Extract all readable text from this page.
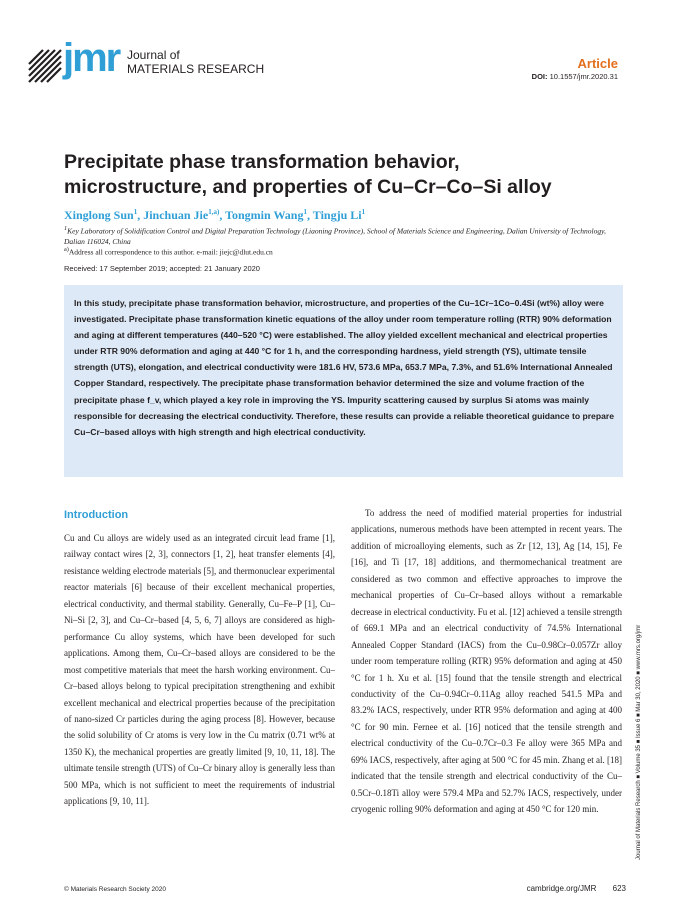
jmr Journal of
MATERIALS RESEARCH	Article
DOI: 10.1557/jmr.2020.31
Precipitate phase transformation behavior,
microstructure, and properties of Cu–Cr–Co–Si alloy
Xinglong Sun$^1$, Jinchuan Jie$^{1,a)}$, Tongmin Wang$^1$, Tingju Li$^1$
$^1$Key Laboratory of Solidification Control and Digital Preparation Technology (Liaoning Province), School of Materials Science and Engineering, Dalian University of Technology, Dalian 116024, China
$^{a)}$Address all correspondence to this author. e-mail: jiejc@dlut.edu.cn
Received: 17 September 2019; accepted: 21 January 2020

In this study, precipitate phase transformation behavior, microstructure, and properties of the Cu–1Cr–1Co–0.4Si (wt%) alloy were investigated. Precipitate phase transformation kinetic equations of the alloy under room temperature rolling (RTR) 90% deformation and aging at different temperatures (440–520 °C) were established. The alloy yielded excellent mechanical and electrical properties under RTR 90% deformation and aging at 440 °C for 1 h, and the corresponding hardness, yield strength (YS), ultimate tensile strength (UTS), elongation, and electrical conductivity were 181.6 HV, 573.6 MPa, 653.7 MPa, 7.3%, and 51.6% International Annealed Copper Standard, respectively. The precipitate phase transformation behavior determined the size and volume fraction of the precipitate phase f_v, which played a key role in improving the YS. Impurity scattering caused by surplus Si atoms was mainly responsible for decreasing the electrical conductivity. Therefore, these results can provide a reliable theoretical guidance to prepare Cu–Cr–based alloys with high strength and high electrical conductivity.

Introduction

Cu and Cu alloys are widely used as an integrated circuit lead frame [1], railway contact wires [2, 3], connectors [1, 2], heat transfer elements [4], resistance welding electrode materials [5], and thermonuclear experimental reactor materials [6] because of their excellent mechanical properties, electrical conductivity, and thermal stability. Generally, Cu–Fe–P [1], Cu–Ni–Si [2, 3], and Cu–Cr–based [4, 5, 6, 7] alloys are considered as high-performance Cu alloy systems, which have been developed for such applications. Among them, Cu–Cr–based alloys are considered to be the most competitive materials that meet the harsh working environment. Cu–Cr–based alloys belong to typical precipitation strengthening and exhibit excellent mechanical and electrical properties because of the precipitation of nano-sized Cr particles during the aging process [8]. However, because the solid solubility of Cr atoms is very low in the Cu matrix (0.71 wt% at 1350 K), the mechanical properties are greatly limited [9, 10, 11, 18]. The ultimate tensile strength (UTS) of Cu–Cr binary alloy is generally less than 500 MPa, which is not sufficient to meet the requirements of industrial applications [9, 10, 11].

To address the need of modified material properties for industrial applications, numerous methods have been attempted in recent years. The addition of microalloying elements, such as Zr [12, 13], Ag [14, 15], Fe [16], and Ti [17, 18] additions, and thermomechanical treatment are considered as two common and effective approaches to improve the mechanical properties of Cu–Cr–based alloys without a remarkable decrease in electrical conductivity. Fu et al. [12] achieved a tensile strength of 669.1 MPa and an electrical conductivity of 74.5% International Annealed Copper Standard (IACS) from the Cu–0.98Cr–0.057Zr alloy under room temperature rolling (RTR) 95% deformation and aging at 450 °C for 1 h. Xu et al. [15] found that the tensile strength and electrical conductivity of the Cu–0.94Cr–0.11Ag alloy reached 541.5 MPa and 83.2% IACS, respectively, under RTR 95% deformation and aging at 400 °C for 90 min. Fernee et al. [16] noticed that the tensile strength and electrical conductivity of the Cu–0.7Cr–0.3 Fe alloy were 365 MPa and 69% IACS, respectively, after aging at 500 °C for 45 min. Zhang et al. [18] indicated that the tensile strength and electrical conductivity of the Cu–0.5Cr–0.18Ti alloy were 579.4 MPa and 52.7% IACS, respectively, under cryogenic rolling 90% deformation and aging at 450 °C for 120 min.	Journal of Materials Research ■ Volume 35 ■ Issue 6 ■ Mar 30, 2020 ■ www.mrs.org/jmr
© Materials Research Society 2020	cambridge.org/JMR 623
